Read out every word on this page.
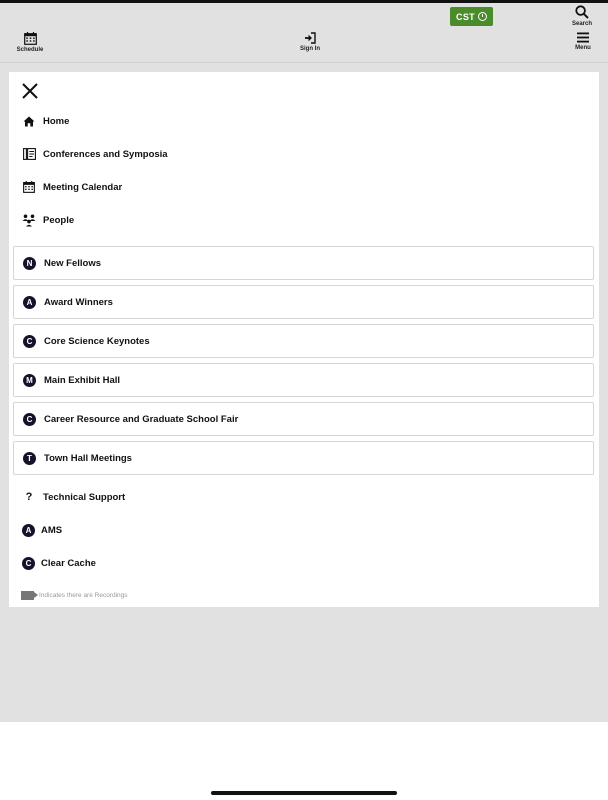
CST
Search
Schedule	Sign In	Menu
Home
Conferences and Symposia
Meeting Calendar
People
N	New Fellows
A	Award Winners
C	Core Science Keynotes
M	Main Exhibit Hall
C	Career Resource and Graduate School Fair
T	Town Hall Meetings
?	Technical Support
A	AMS
C	Clear Cache
Indicates there are Recordings
